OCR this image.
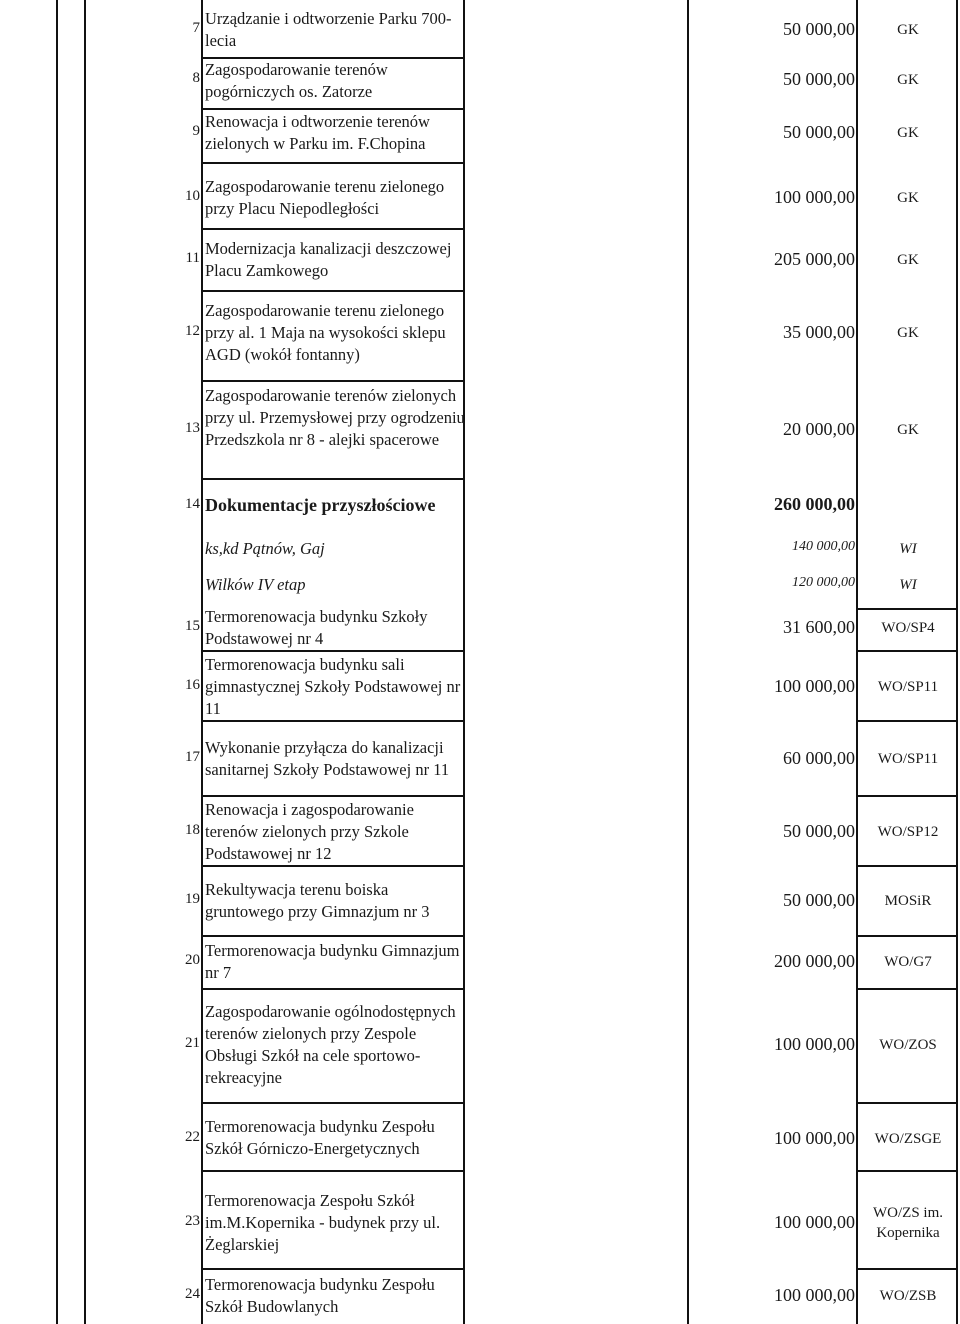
7 Urządzanie i odtworzenie Parku 700-lecia
50 000,00	GK
8 Zagospodarowanie terenów pogórniczych os. Zatorze
50 000,00	GK
9 Renowacja i odtworzenie terenów zielonych w Parku im. F.Chopina
50 000,00	GK
10 Zagospodarowanie terenu zielonego przy Placu Niepodległości
100 000,00	GK
11 Modernizacja kanalizacji deszczowej Placu Zamkowego
205 000,00	GK
12
Zagospodarowanie terenu zielonego przy al. 1 Maja na wysokości sklepu AGD (wokół fontanny)
35 000,00	GK
13
Zagospodarowanie terenów zielonych przy ul. Przemysłowej przy ogrodzeniu Przedszkola nr 8 - alejki spacerowe
20 000,00	GK
14 Dokumentacje przyszłościowe	260 000,00
ks,kd Pątnów, Gaj	140 000,00	WI
Wilków IV etap	120 000,00	WI
15 Termorenowacja budynku Szkoły Podstawowej nr 4
31 600,00	WO/SP4
16
Termorenowacja budynku sali gimnastycznej Szkoły Podstawowej nr 11
100 000,00	WO/SP11
17 Wykonanie przyłącza do kanalizacji sanitarnej Szkoły Podstawowej nr 11
60 000,00	WO/SP11
18
Renowacja i zagospodarowanie terenów zielonych przy Szkole Podstawowej nr 12
50 000,00	WO/SP12
19 Rekultywacja terenu boiska gruntowego przy Gimnazjum nr 3
50 000,00	MOSiR
20 Termorenowacja budynku Gimnazjum nr 7
200 000,00	WO/G7
21
Zagospodarowanie ogólnodostępnych terenów zielonych przy Zespole Obsługi Szkół na cele sportowo-rekreacyjne
100 000,00	WO/ZOS
22
Termorenowacja budynku Zespołu Szkół Górniczo-Energetycznych
100 000,00	WO/ZSGE
23
Termorenowacja Zespołu Szkół im.M.Kopernika - budynek przy ul. Żeglarskiej
100 000,00	WO/ZS im. Kopernika
24 Termorenowacja budynku Zespołu Szkół Budowlanych
100 000,00	WO/ZSB
